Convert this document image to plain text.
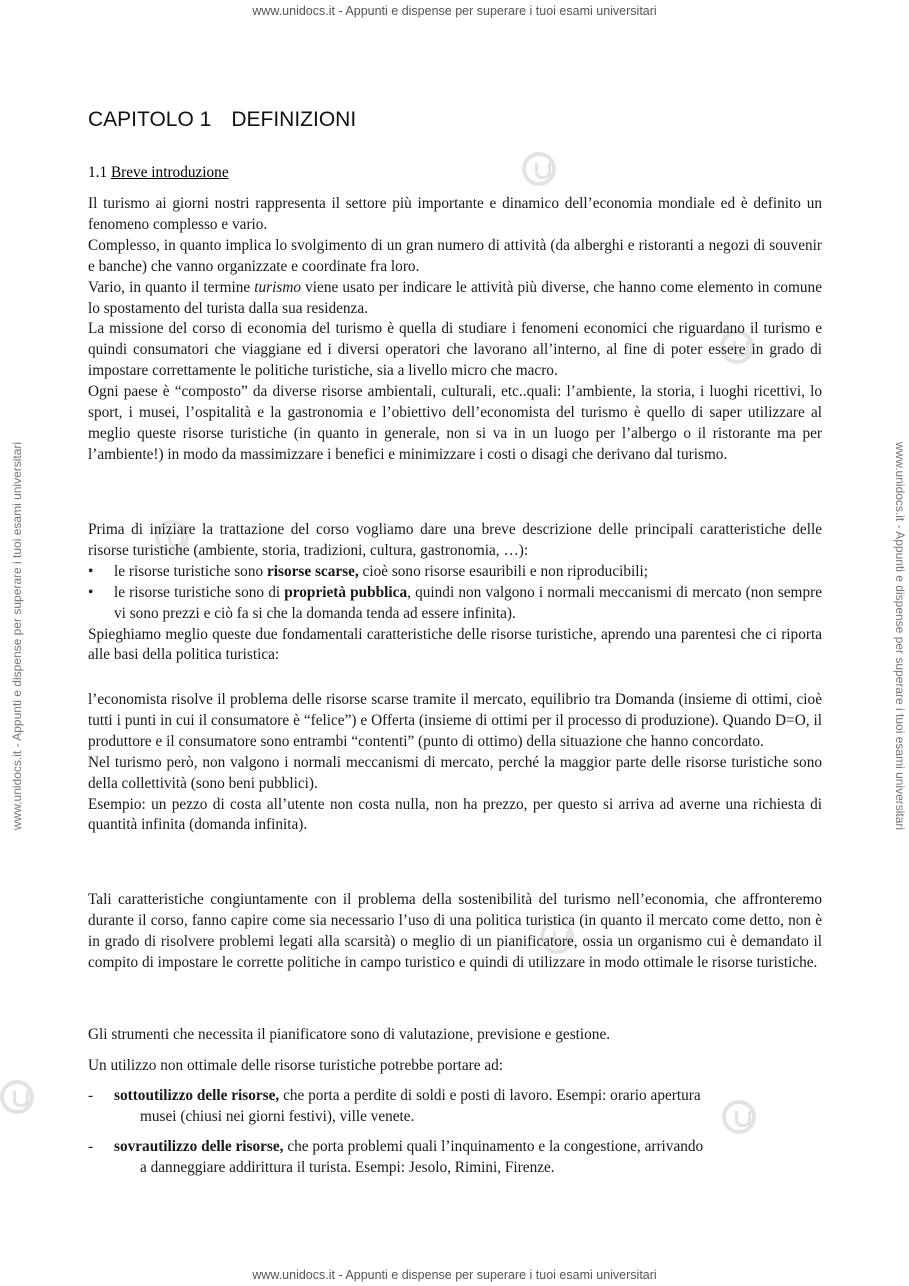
www.unidocs.it - Appunti e dispense per superare i tuoi esami universitari
www.unidocs.it - Appunti e dispense per superare i tuoi esami universitari
www.unidocs.it - Appunti e dispense per superare i tuoi esami universitari	www.unidocs.it - Appunti e dispense per superare i tuoi esami universitari
CAPITOLO 1 DEFINIZIONI
1.1 Breve introduzione

Il turismo ai giorni nostri rappresenta il settore più importante e dinamico dell’economia mondiale ed è definito un fenomeno complesso e vario.

Complesso, in quanto implica lo svolgimento di un gran numero di attività (da alberghi e ristoranti a negozi di souvenir e banche) che vanno organizzate e coordinate fra loro.

Vario, in quanto il termine turismo viene usato per indicare le attività più diverse, che hanno come elemento in comune lo spostamento del turista dalla sua residenza.

La missione del corso di economia del turismo è quella di studiare i fenomeni economici che riguardano il turismo e quindi consumatori che viaggiane ed i diversi operatori che lavorano all’interno, al fine di poter essere in grado di impostare correttamente le politiche turistiche, sia a livello micro che macro.

Ogni paese è “composto” da diverse risorse ambientali, culturali, etc..quali: l’ambiente, la storia, i luoghi ricettivi, lo sport, i musei, l’ospitalità e la gastronomia e l’obiettivo dell’economista del turismo è quello di saper utilizzare al meglio queste risorse turistiche (in quanto in generale, non si va in un luogo per l’albergo o il ristorante ma per l’ambiente!) in modo da massimizzare i benefici e minimizzare i costi o disagi che derivano dal turismo.

Prima di iniziare la trattazione del corso vogliamo dare una breve descrizione delle principali caratteristiche delle risorse turistiche (ambiente, storia, tradizioni, cultura, gastronomia, …):

• le risorse turistiche sono risorse scarse, cioè sono risorse esauribili e non riproducibili;
• le risorse turistiche sono di proprietà pubblica, quindi non valgono i normali meccanismi di mercato (non sempre vi sono prezzi e ciò fa si che la domanda tenda ad essere infinita).

Spieghiamo meglio queste due fondamentali caratteristiche delle risorse turistiche, aprendo una parentesi che ci riporta alle basi della politica turistica:

l’economista risolve il problema delle risorse scarse tramite il mercato, equilibrio tra Domanda (insieme di ottimi, cioè tutti i punti in cui il consumatore è “felice”) e Offerta (insieme di ottimi per il processo di produzione). Quando D=O, il produttore e il consumatore sono entrambi “contenti” (punto di ottimo) della situazione che hanno concordato.

Nel turismo però, non valgono i normali meccanismi di mercato, perché la maggior parte delle risorse turistiche sono della collettività (sono beni pubblici).

Esempio: un pezzo di costa all’utente non costa nulla, non ha prezzo, per questo si arriva ad averne una richiesta di quantità infinita (domanda infinita).

Tali caratteristiche congiuntamente con il problema della sostenibilità del turismo nell’economia, che affronteremo durante il corso, fanno capire come sia necessario l’uso di una politica turistica (in quanto il mercato come detto, non è in grado di risolvere problemi legati alla scarsità) o meglio di un pianificatore, ossia un organismo cui è demandato il compito di impostare le corrette politiche in campo turistico e quindi di utilizzare in modo ottimale le risorse turistiche.

Gli strumenti che necessita il pianificatore sono di valutazione, previsione e gestione.

Un utilizzo non ottimale delle risorse turistiche potrebbe portare ad:

- sottoutilizzo delle risorse, che porta a perdite di soldi e posti di lavoro. Esempi: orario apertura
musei (chiusi nei giorni festivi), ville venete.
- sovrautilizzo delle risorse, che porta problemi quali l’inquinamento e la congestione, arrivando
a danneggiare addirittura il turista. Esempi: Jesolo, Rimini, Firenze.
